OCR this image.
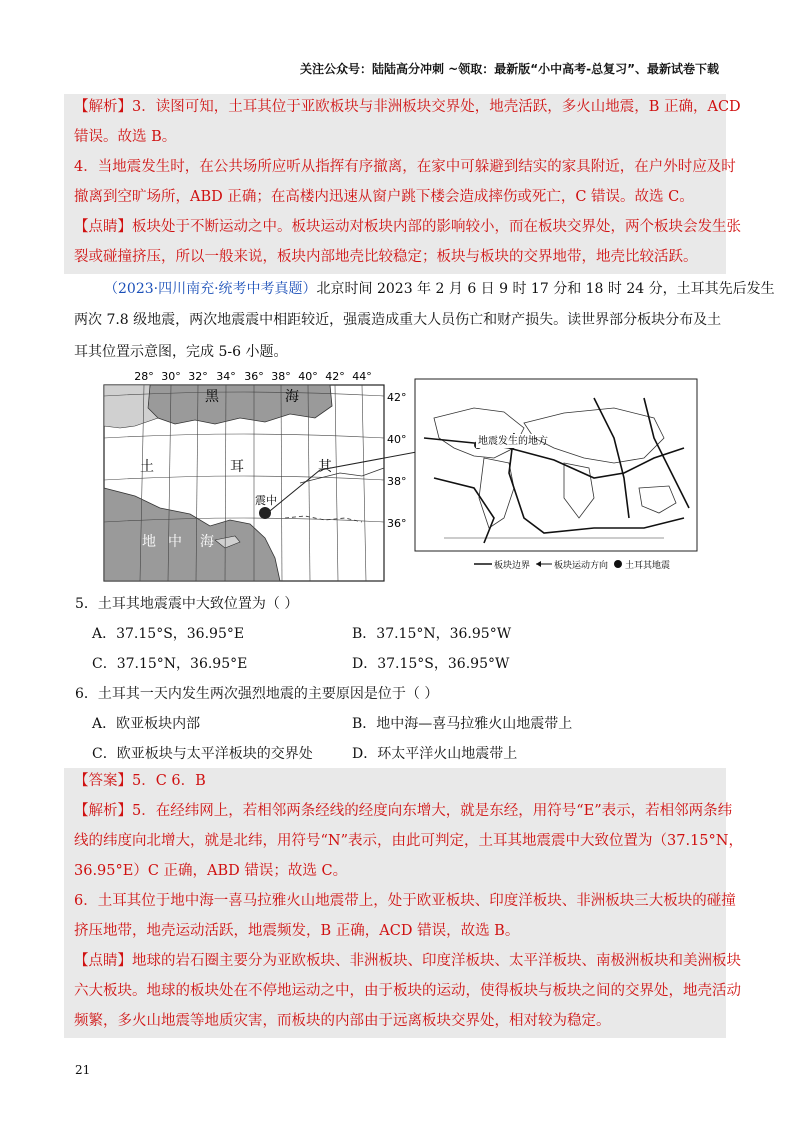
关注公众号：陆陆高分冲刺 ~领取：最新版“小中高考-总复习”、最新试卷下载
【解析】3．读图可知，土耳其位于亚欧板块与非洲板块交界处，地壳活跃，多火山地震，B 正确，ACD
错误。故选 B。
4．当地震发生时，在公共场所应听从指挥有序撤离，在家中可躲避到结实的家具附近，在户外时应及时
撤离到空旷场所，ABD 正确；在高楼内迅速从窗户跳下楼会造成摔伤或死亡，C 错误。故选 C。
【点睛】板块处于不断运动之中。板块运动对板块内部的影响较小，而在板块交界处，两个板块会发生张
裂或碰撞挤压，所以一般来说，板块内部地壳比较稳定；板块与板块的交界地带，地壳比较活跃。
（2023·四川南充·统考中考真题）北京时间 2023 年 2 月 6 日 9 时 17 分和 18 时 24 分，土耳其先后发生
两次 7.8 级地震，两次地震震中相距较近，强震造成重大人员伤亡和财产损失。读世界部分板块分布及土
耳其位置示意图，完成 5-6 小题。
28° 30° 32° 34° 36° 38° 40° 42° 44°
42°
40°
38°
36°
黑	海
土	耳	其
地 中 海
震中
地震发生的地方
板块边界	板块运动方向 土耳其地震
5．土耳其地震震中大致位置为（ ）
A．37.15°S，36.95°E	B．37.15°N，36.95°W
C．37.15°N，36.95°E	D．37.15°S，36.95°W
6．土耳其一天内发生两次强烈地震的主要原因是位于（ ）
A．欧亚板块内部	B．地中海—喜马拉雅火山地震带上
C．欧亚板块与太平洋板块的交界处	D．环太平洋火山地震带上
【答案】5．C 6．B
【解析】5．在经纬网上，若相邻两条经线的经度向东增大，就是东经，用符号“E”表示，若相邻两条纬
线的纬度向北增大，就是北纬，用符号“N”表示，由此可判定，土耳其地震震中大致位置为（37.15°N，
36.95°E）C 正确，ABD 错误；故选 C。
6．土耳其位于地中海一喜马拉雅火山地震带上，处于欧亚板块、印度洋板块、非洲板块三大板块的碰撞
挤压地带，地壳运动活跃，地震频发，B 正确，ACD 错误，故选 B。
【点睛】地球的岩石圈主要分为亚欧板块、非洲板块、印度洋板块、太平洋板块、南极洲板块和美洲板块
六大板块。地球的板块处在不停地运动之中，由于板块的运动，使得板块与板块之间的交界处，地壳活动
频繁，多火山地震等地质灾害，而板块的内部由于远离板块交界处，相对较为稳定。
21
